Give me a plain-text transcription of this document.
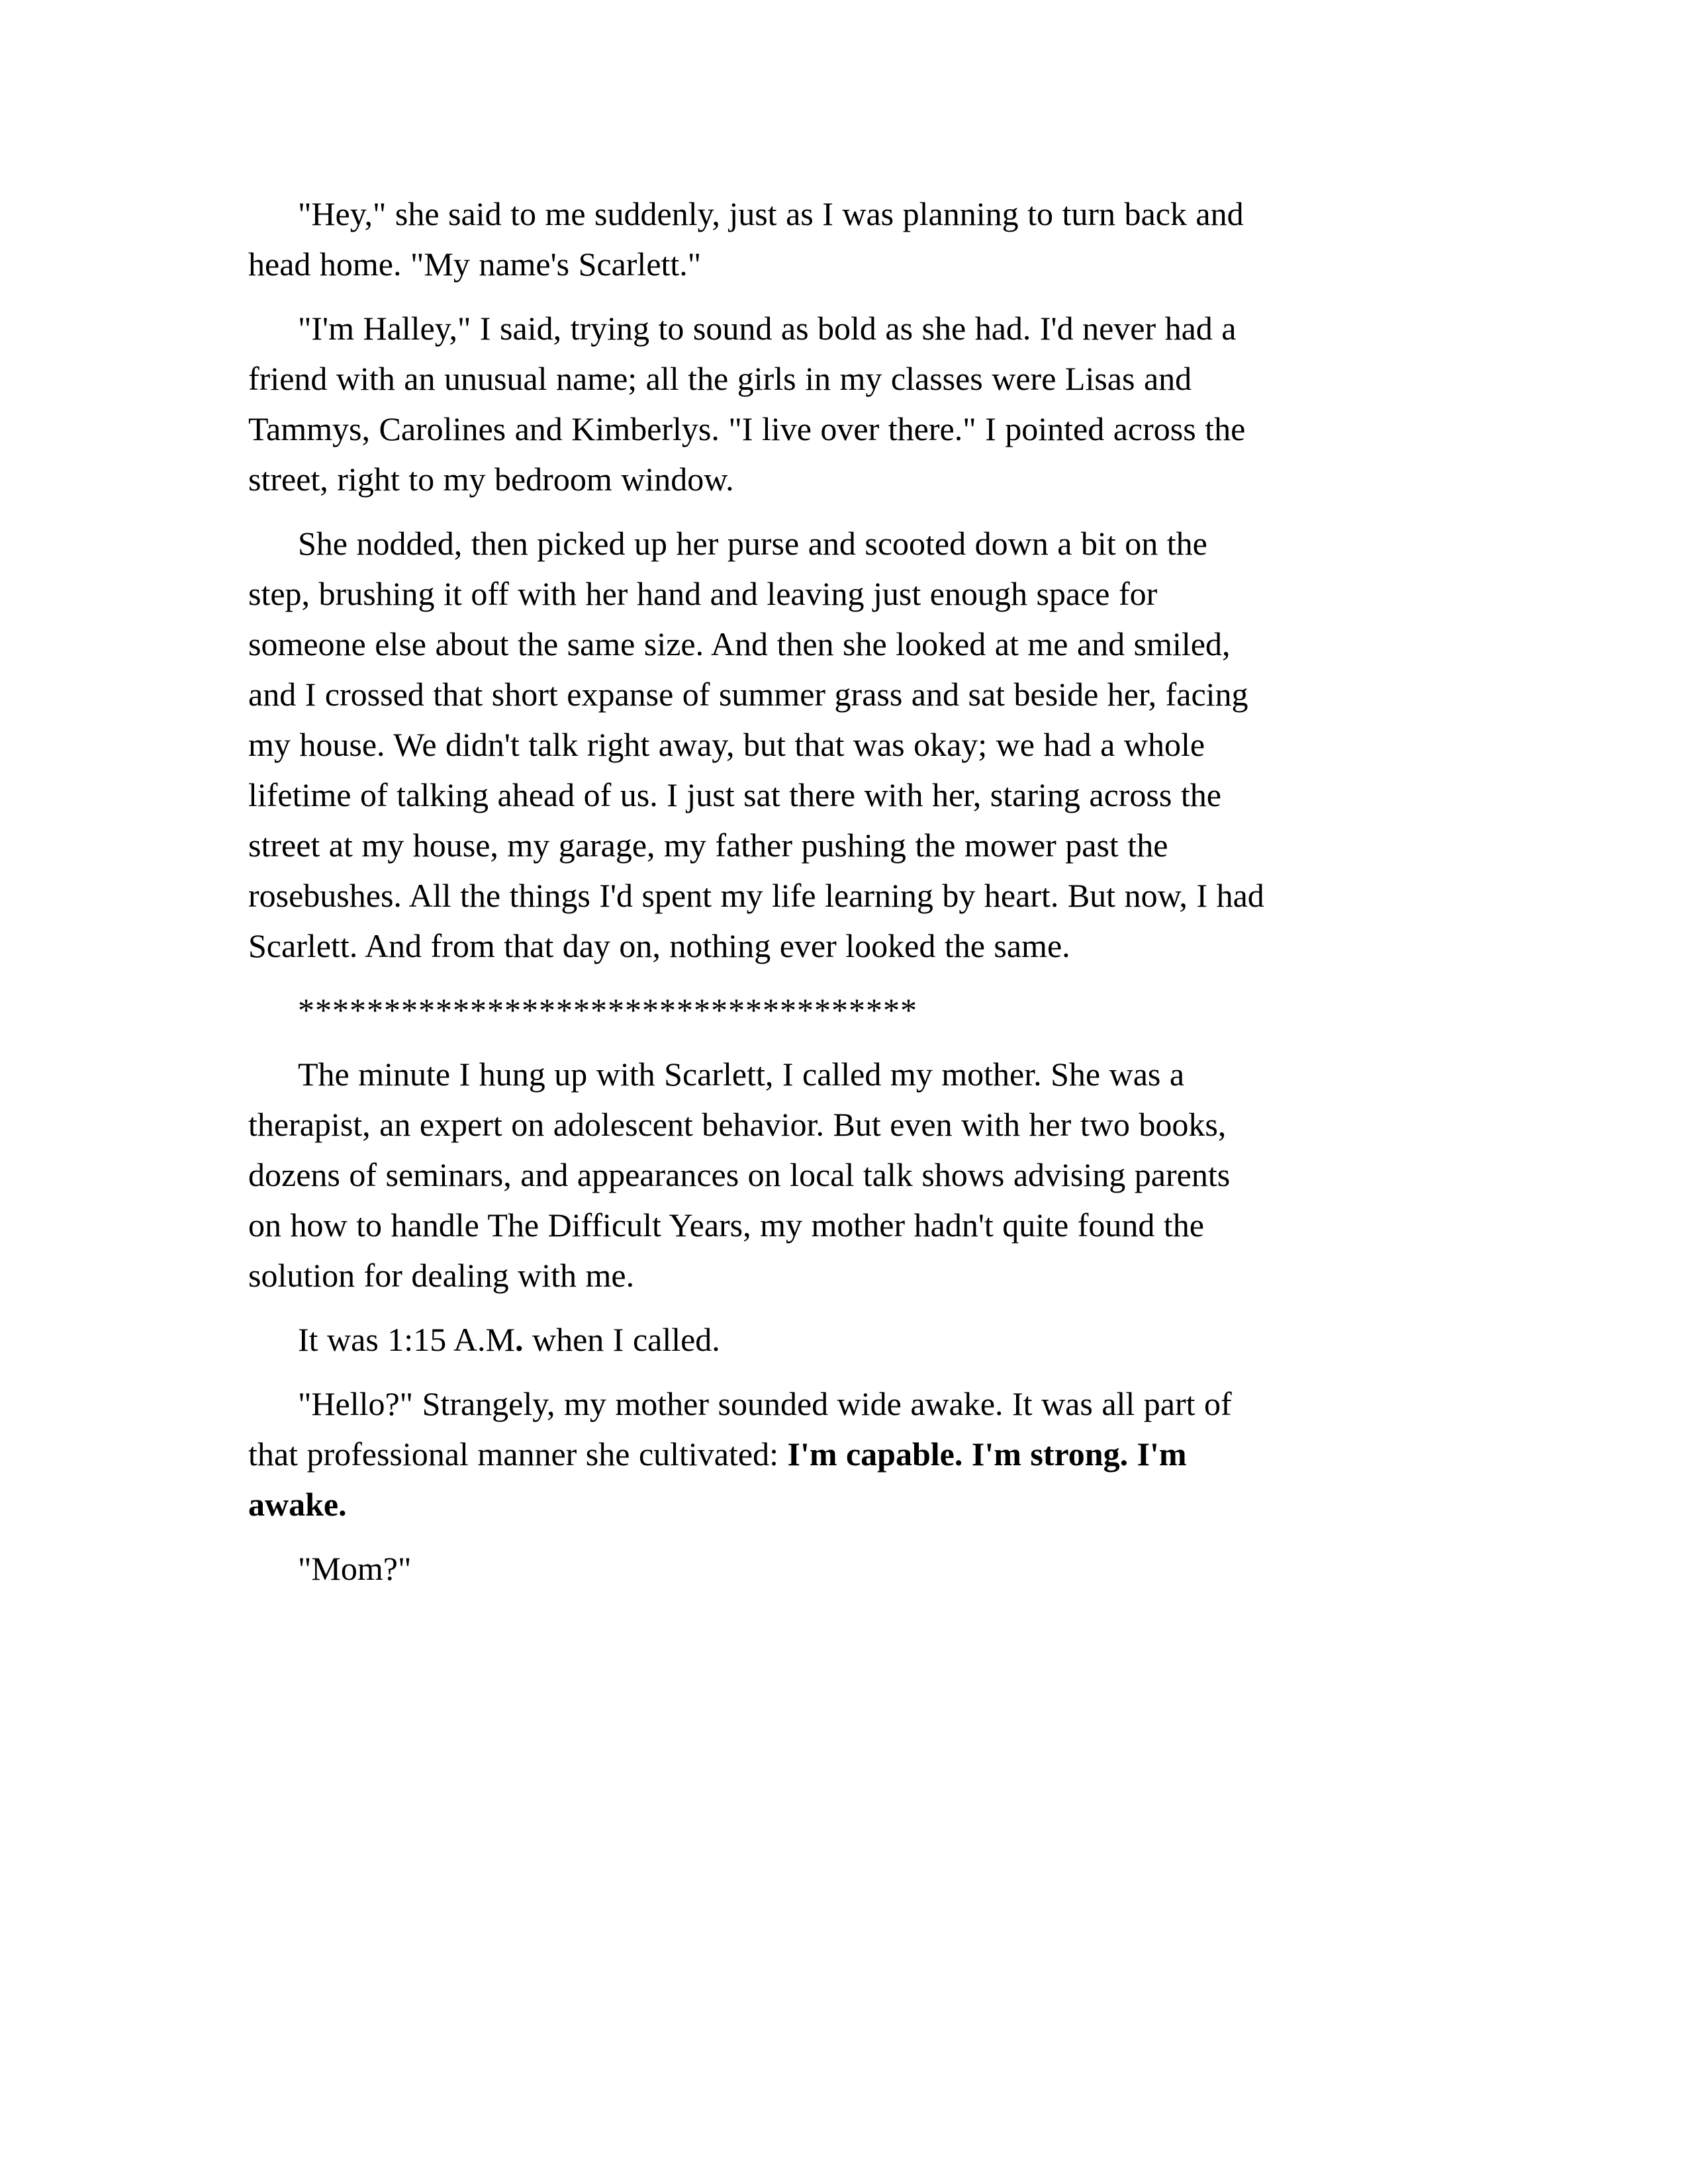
"Hey," she said to me suddenly, just as I was planning to turn back and head home. "My name's Scarlett."

"I'm Halley," I said, trying to sound as bold as she had. I'd never had a friend with an unusual name; all the girls in my classes were Lisas and Tammys, Carolines and Kimberlys. "I live over there." I pointed across the street, right to my bedroom window.

She nodded, then picked up her purse and scooted down a bit on the step, brushing it off with her hand and leaving just enough space for someone else about the same size. And then she looked at me and smiled, and I crossed that short expanse of summer grass and sat beside her, facing my house. We didn't talk right away, but that was okay; we had a whole lifetime of talking ahead of us. I just sat there with her, staring across the street at my house, my garage, my father pushing the mower past the rosebushes. All the things I'd spent my life learning by heart. But now, I had Scarlett. And from that day on, nothing ever looked the same.

************************************

The minute I hung up with Scarlett, I called my mother. She was a therapist, an expert on adolescent behavior. But even with her two books, dozens of seminars, and appearances on local talk shows advising parents on how to handle The Difficult Years, my mother hadn't quite found the solution for dealing with me.

It was 1:15 A.M. when I called.

"Hello?" Strangely, my mother sounded wide awake. It was all part of that professional manner she cultivated: I'm capable. I'm strong. I'm awake.

"Mom?"
